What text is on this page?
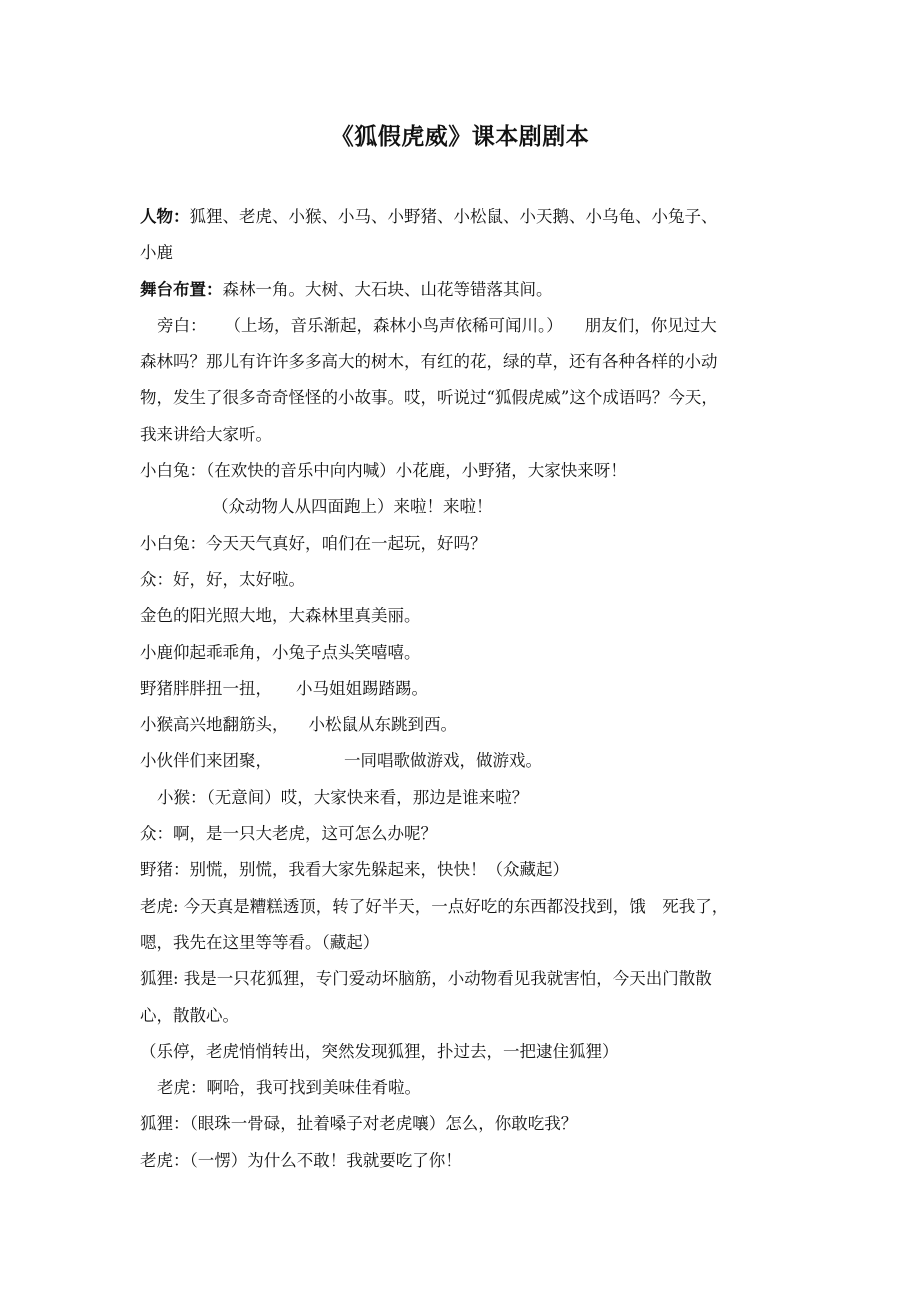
《狐假虎威》课本剧剧本
人物：狐狸、老虎、小猴、小马、小野猪、小松鼠、小天鹅、小乌龟、小兔子、
小鹿
舞台布置：森林一角。大树、大石块、山花等错落其间。
旁白： （上场，音乐渐起，森林小鸟声依稀可闻川。） 朋友们，你见过大
森林吗？那儿有许许多多高大的树木，有红的花，绿的草，还有各种各样的小动
物，发生了很多奇奇怪怪的小故事。哎，听说过“狐假虎威”这个成语吗？今天，
我来讲给大家听。
小白兔：（在欢快的音乐中向内喊）小花鹿，小野猪，大家快来呀！
（众动物人从四面跑上）来啦！来啦！
小白兔：今天天气真好，咱们在一起玩，好吗？
众：好，好，太好啦。
金色的阳光照大地，大森林里真美丽。
小鹿仰起乖乖角，小兔子点头笑嘻嘻。
野猪胖胖扭一扭， 小马姐姐踢踏踢。
小猴高兴地翻筋头， 小松鼠从东跳到西。
小伙伴们来团聚，	一同唱歌做游戏，做游戏。
小猴：（无意间）哎，大家快来看，那边是谁来啦？
众：啊，是一只大老虎，这可怎么办呢？
野猪：别慌，别慌，我看大家先躲起来，快快！（众藏起）
老虎: 今天真是糟糕透顶，转了好半天，一点好吃的东西都没找到，饿　死我了，
嗯，我先在这里等等看。（藏起）
狐狸: 我是一只花狐狸，专门爱动坏脑筋，小动物看见我就害怕，今天出门散散
心，散散心。
（乐停，老虎悄悄转出，突然发现狐狸，扑过去，一把逮住狐狸）
老虎：啊哈，我可找到美味佳肴啦。
狐狸：（眼珠一骨碌，扯着嗓子对老虎嚷）怎么，你敢吃我？
老虎：（一愣）为什么不敢！我就要吃了你！
